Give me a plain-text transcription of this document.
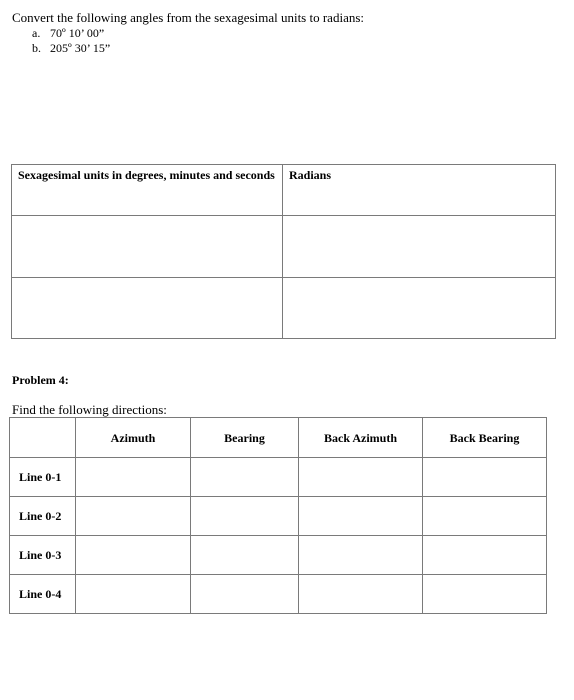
Convert the following angles from the sexagesimal units to radians:
a. 70º 10’ 00”
b. 205º 30’ 15”
Sexagesimal units in degrees, minutes and seconds	Radians

Problem 4:
Find the following directions:
	Azimuth	Bearing	Back Azimuth	Back Bearing
Line 0-1				
Line 0-2				
Line 0-3				
Line 0-4				
